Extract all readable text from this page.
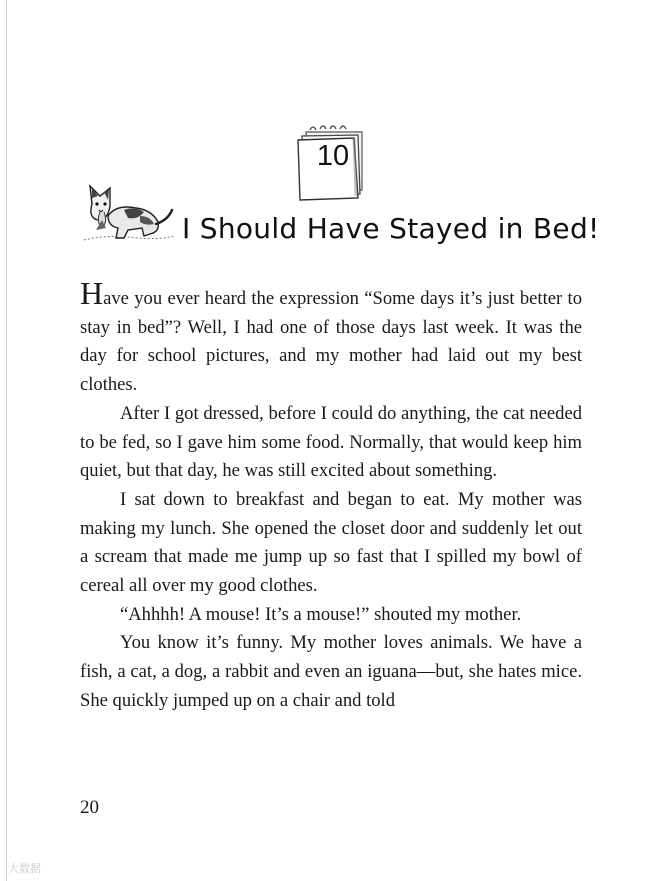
10
I Should Have Stayed in Bed!

Have you ever heard the expression “Some days it’s just better to stay in bed”? Well, I had one of those days last week. It was the day for school pictures, and my mother had laid out my best clothes.

After I got dressed, before I could do anything, the cat needed to be fed, so I gave him some food. Normally, that would keep him quiet, but that day, he was still excited about something.

I sat down to breakfast and began to eat. My mother was making my lunch. She opened the closet door and suddenly let out a scream that made me jump up so fast that I spilled my bowl of cereal all over my good clothes.

“Ahhhh! A mouse! It’s a mouse!” shouted my mother.

You know it’s funny. My mother loves animals. We have a fish, a cat, a dog, a rabbit and even an iguana—but, she hates mice. She quickly jumped up on a chair and told

20
大数据
